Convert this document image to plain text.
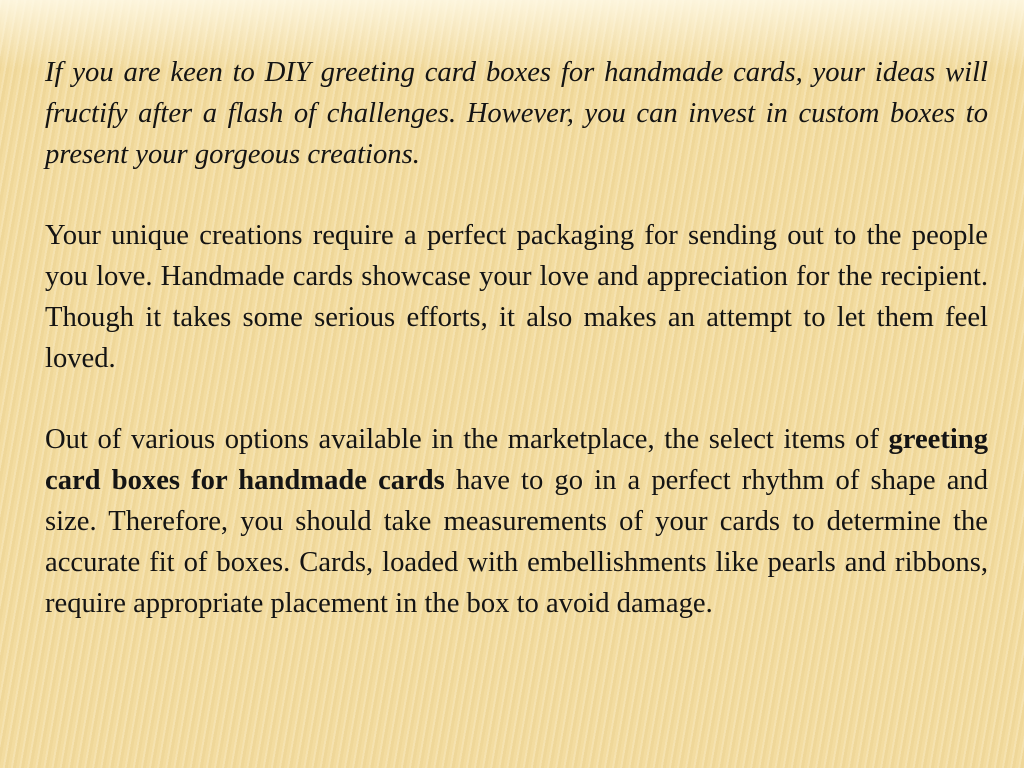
If you are keen to DIY greeting card boxes for handmade cards, your ideas will fructify after a flash of challenges. However, you can invest in custom boxes to present your gorgeous creations.

Your unique creations require a perfect packaging for sending out to the people you love. Handmade cards showcase your love and appreciation for the recipient. Though it takes some serious efforts, it also makes an attempt to let them feel loved.

Out of various options available in the marketplace, the select items of greeting card boxes for handmade cards have to go in a perfect rhythm of shape and size. Therefore, you should take measurements of your cards to determine the accurate fit of boxes. Cards, loaded with embellishments like pearls and ribbons, require appropriate placement in the box to avoid damage.
